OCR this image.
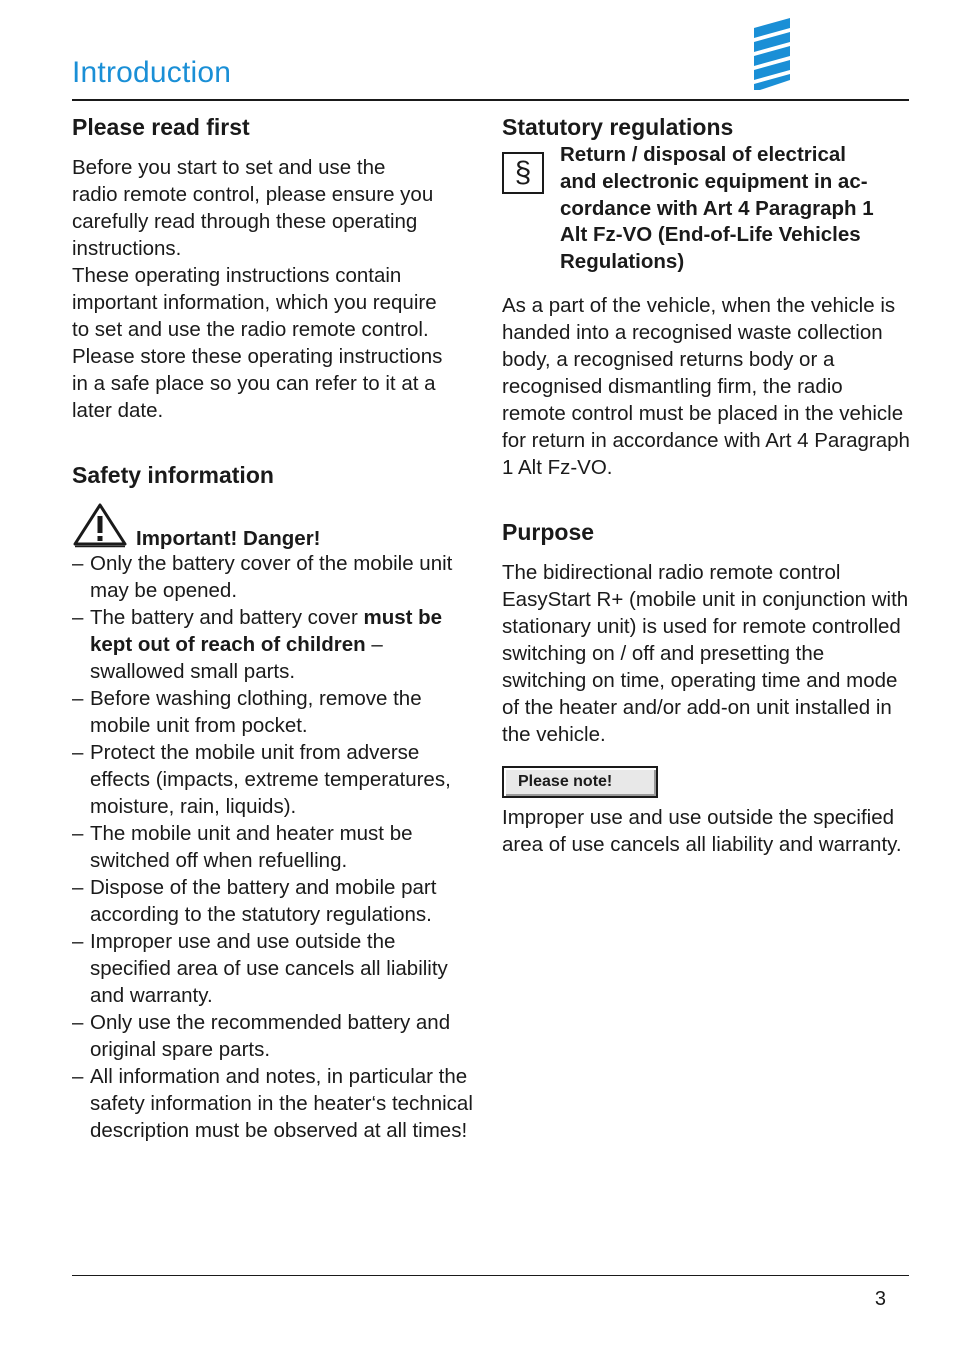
Introduction
Please read first

Before you start to set and use the
radio remote control, please ensure you
carefully read through these operating
instructions.
These operating instructions contain
important information, which you require
to set and use the radio remote control.
Please store these operating instructions
in a safe place so you can refer to it at a
later date.

Safety information
Important! Danger!
– Only the battery cover of the mobile unit may be opened.
– The battery and battery cover must be kept out of reach of children – swallowed small parts.
– Before washing clothing, remove the mobile unit from pocket.
– Protect the mobile unit from adverse effects (impacts, extreme temperatures, moisture, rain, liquids).
– The mobile unit and heater must be switched off when refuelling.
– Dispose of the battery and mobile part according to the statutory regulations.
– Improper use and use outside the specified area of use cancels all liability and warranty.
– Only use the recommended battery and original spare parts.
– All information and notes, in particular the safety information in the heater‘s technical description must be observed at all times!
Statutory regulations
§
Return / disposal of electrical
and electronic equipment in ac-
cordance with Art 4 Paragraph 1
Alt Fz-VO (End-of-Life Vehicles
Regulations)

As a part of the vehicle, when the vehicle is handed into a recognised waste collection body, a recognised returns body or a recognised dismantling firm, the radio remote control must be placed in the vehicle for return in accordance with Art 4 Paragraph 1 Alt Fz-VO.

Purpose

The bidirectional radio remote control EasyStart R+ (mobile unit in conjunction with stationary unit) is used for remote controlled switching on / off and presetting the switching on time, operating time and mode of the heater and/or add-on unit installed in the vehicle.

Please note!

Improper use and use outside the specified area of use cancels all liability and warranty.

3
